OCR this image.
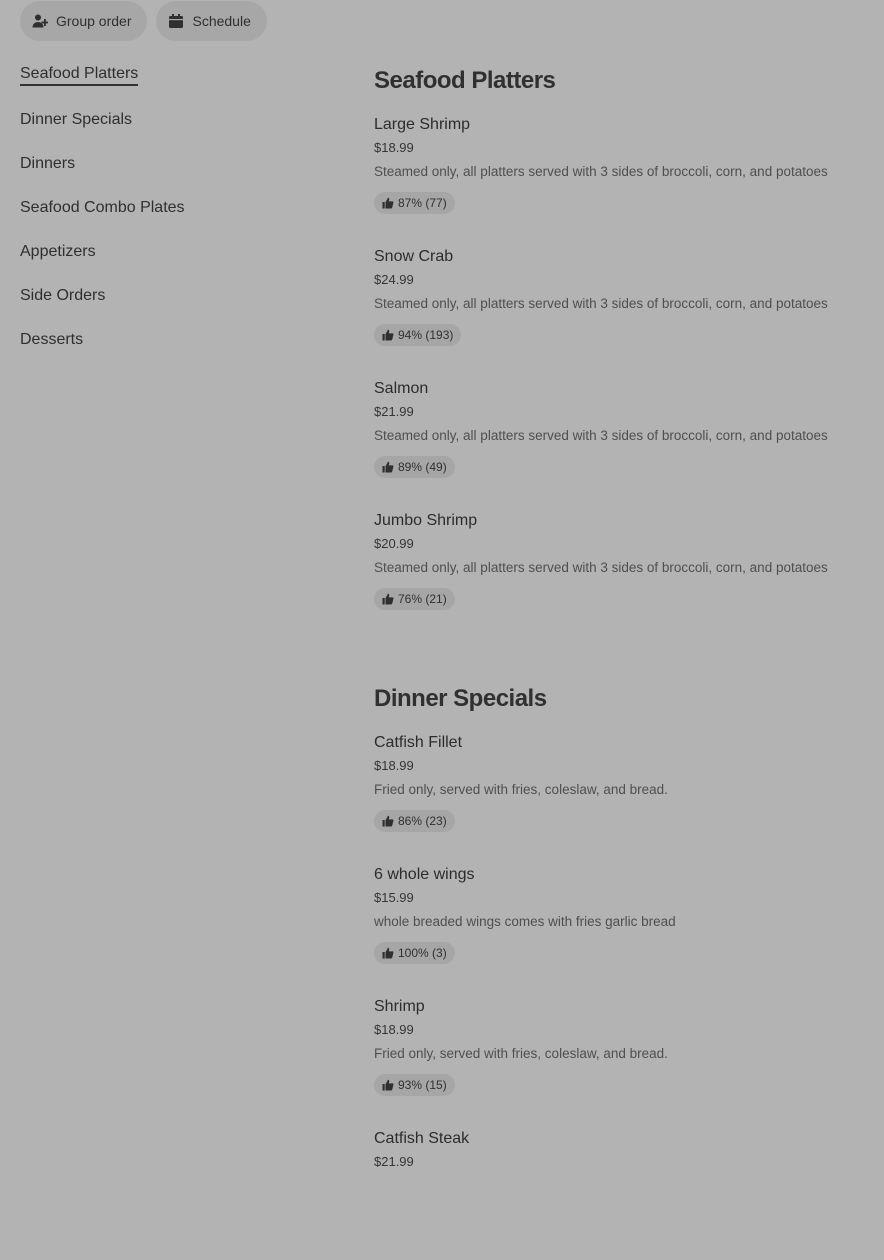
Group order	Schedule
Seafood Platters
Dinner Specials
Dinners
Seafood Combo Plates
Appetizers
Side Orders
Desserts
Seafood Platters
Large Shrimp
$18.99
Steamed only, all platters served with 3 sides of broccoli, corn, and potatoes
87% (77)
Snow Crab
$24.99
Steamed only, all platters served with 3 sides of broccoli, corn, and potatoes
94% (193)
Salmon
$21.99
Steamed only, all platters served with 3 sides of broccoli, corn, and potatoes
89% (49)
Jumbo Shrimp
$20.99
Steamed only, all platters served with 3 sides of broccoli, corn, and potatoes
76% (21)
Dinner Specials
Catfish Fillet
$18.99
Fried only, served with fries, coleslaw, and bread.
86% (23)
6 whole wings
$15.99
whole breaded wings comes with fries garlic bread
100% (3)
Shrimp
$18.99
Fried only, served with fries, coleslaw, and bread.
93% (15)
Catfish Steak
$21.99
